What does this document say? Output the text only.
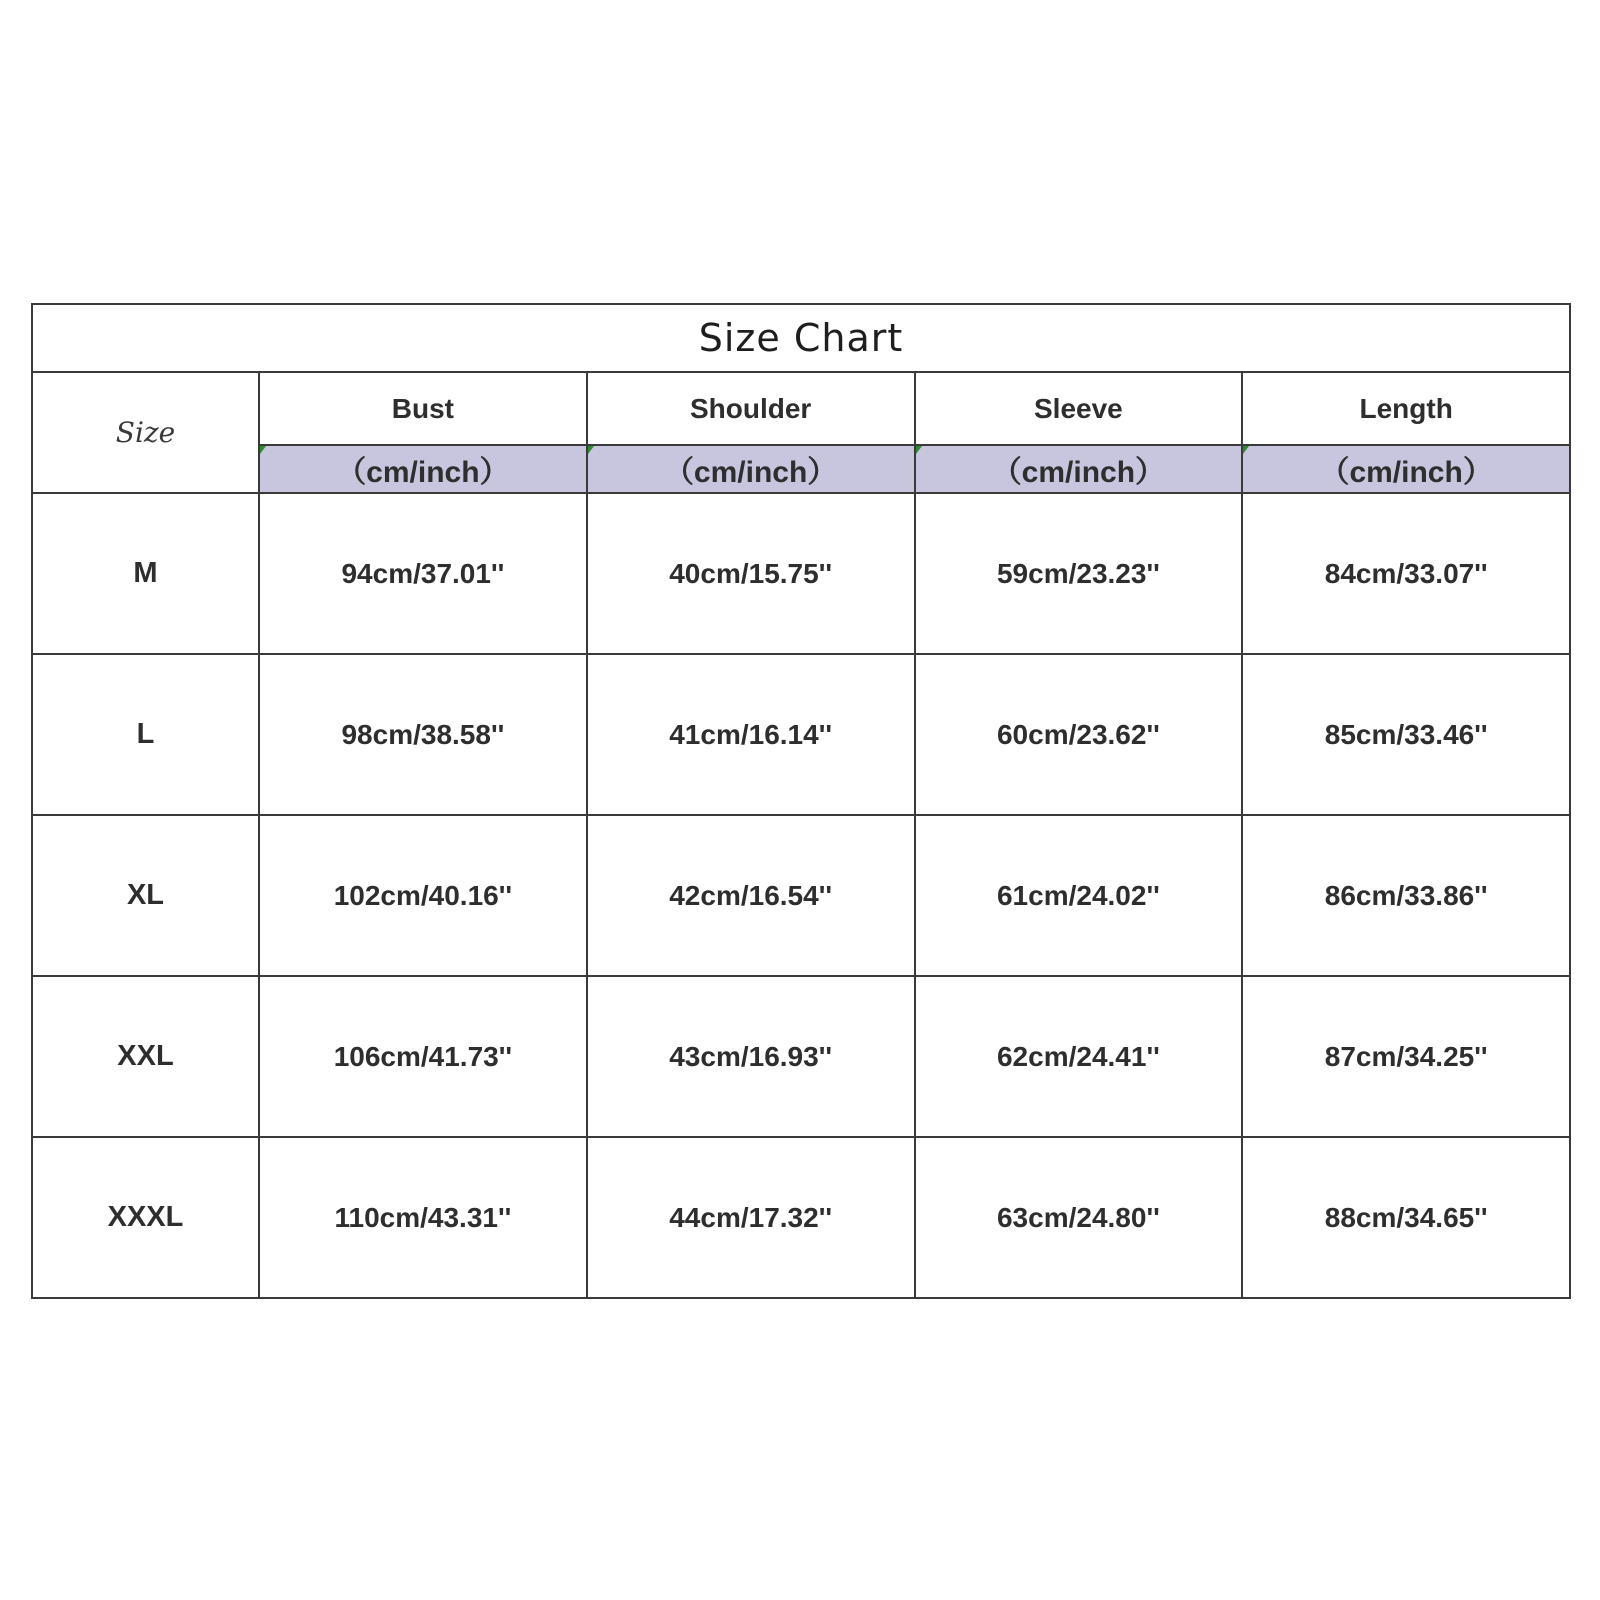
Size Chart				
Size	Bust	Shoulder	Sleeve	Length

（cm/inch）	（cm/inch）	（cm/inch）	（cm/inch）
M	94cm/37.01''	40cm/15.75''	59cm/23.23''	84cm/33.07''
L	98cm/38.58''	41cm/16.14''	60cm/23.62''	85cm/33.46''
XL	102cm/40.16''	42cm/16.54''	61cm/24.02''	86cm/33.86''
XXL	106cm/41.73''	43cm/16.93''	62cm/24.41''	87cm/34.25''
XXXL	110cm/43.31''	44cm/17.32''	63cm/24.80''	88cm/34.65''
